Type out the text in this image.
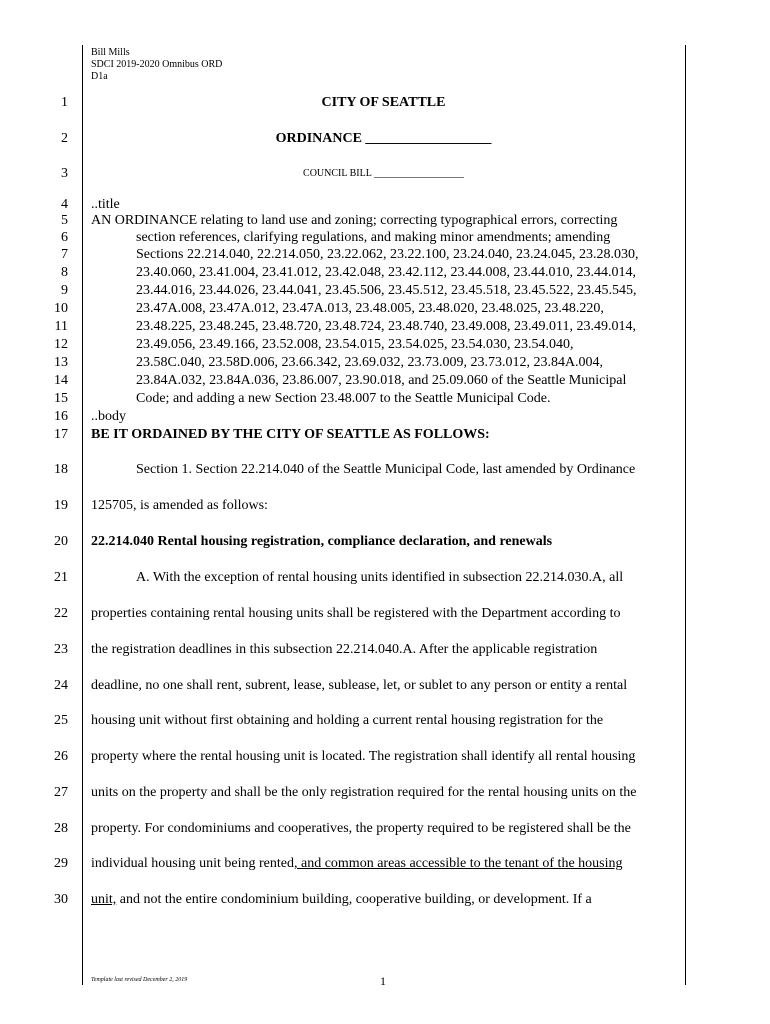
Bill Mills
SDCI 2019-2020 Omnibus ORD
D1a
1
2
3
4
5
6
7
8
9
10
11
12
13
14
15
16
17
18
19
20
21
22
23
24
25
26
27
28
29
30
CITY OF SEATTLE
ORDINANCE __________________
COUNCIL BILL __________________
..title
AN ORDINANCE relating to land use and zoning; correcting typographical errors, correcting
section references, clarifying regulations, and making minor amendments; amending
Sections 22.214.040, 22.214.050, 23.22.062, 23.22.100, 23.24.040, 23.24.045, 23.28.030,
23.40.060, 23.41.004, 23.41.012, 23.42.048, 23.42.112, 23.44.008, 23.44.010, 23.44.014,
23.44.016, 23.44.026, 23.44.041, 23.45.506, 23.45.512, 23.45.518, 23.45.522, 23.45.545,
23.47A.008, 23.47A.012, 23.47A.013, 23.48.005, 23.48.020, 23.48.025, 23.48.220,
23.48.225, 23.48.245, 23.48.720, 23.48.724, 23.48.740, 23.49.008, 23.49.011, 23.49.014,
23.49.056, 23.49.166, 23.52.008, 23.54.015, 23.54.025, 23.54.030, 23.54.040,
23.58C.040, 23.58D.006, 23.66.342, 23.69.032, 23.73.009, 23.73.012, 23.84A.004,
23.84A.032, 23.84A.036, 23.86.007, 23.90.018, and 25.09.060 of the Seattle Municipal
Code; and adding a new Section 23.48.007 to the Seattle Municipal Code.
..body
BE IT ORDAINED BY THE CITY OF SEATTLE AS FOLLOWS:
Section 1. Section 22.214.040 of the Seattle Municipal Code, last amended by Ordinance
125705, is amended as follows:
22.214.040 Rental housing registration, compliance declaration, and renewals
A. With the exception of rental housing units identified in subsection 22.214.030.A, all
properties containing rental housing units shall be registered with the Department according to
the registration deadlines in this subsection 22.214.040.A. After the applicable registration
deadline, no one shall rent, subrent, lease, sublease, let, or sublet to any person or entity a rental
housing unit without first obtaining and holding a current rental housing registration for the
property where the rental housing unit is located. The registration shall identify all rental housing
units on the property and shall be the only registration required for the rental housing units on the
property. For condominiums and cooperatives, the property required to be registered shall be the
individual housing unit being rented, and common areas accessible to the tenant of the housing
unit, and not the entire condominium building, cooperative building, or development. If a
Template last revised December 2, 2019	1
